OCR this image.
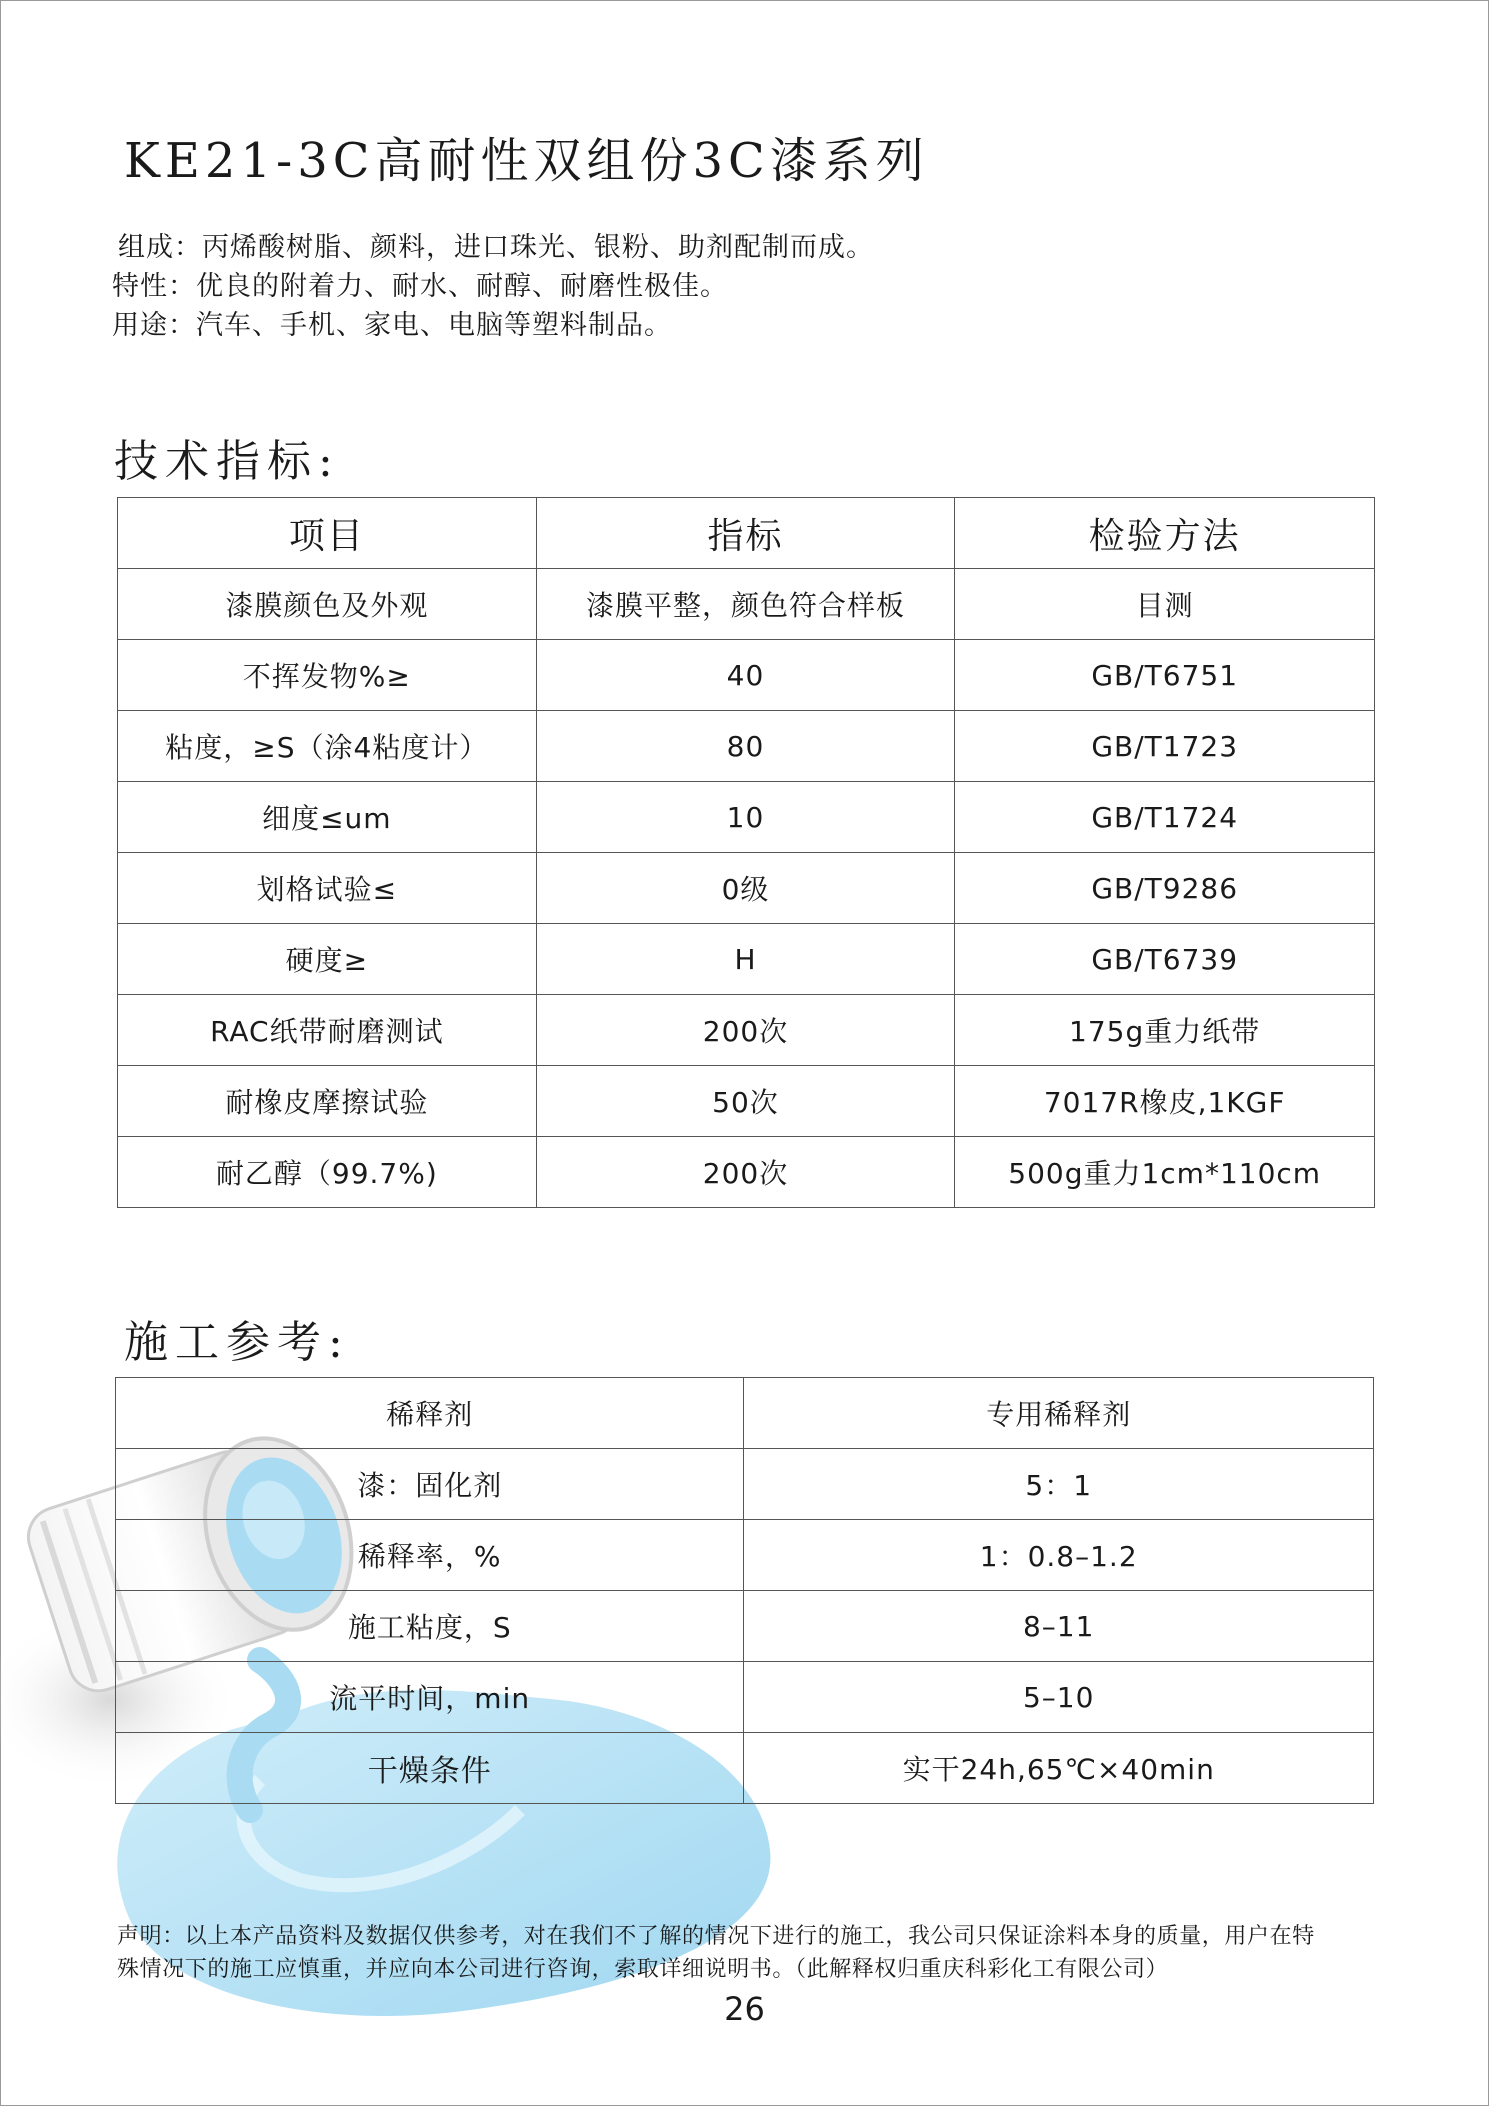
KE21-3C高耐性双组份3C漆系列
组成：丙烯酸树脂、颜料，进口珠光、银粉、助剂配制而成。
特性：优良的附着力、耐水、耐醇、耐磨性极佳。
用途：汽车、手机、家电、电脑等塑料制品。
技术指标:
项目	指标	检验方法
漆膜颜色及外观	漆膜平整，颜色符合样板	目测
不挥发物%≥	40	GB/T6751
粘度，≥S（涂4粘度计）	80	GB/T1723
细度≤um	10	GB/T1724
划格试验≤	0级	GB/T9286
硬度≥	H	GB/T6739
RAC纸带耐磨测试	200次	175g重力纸带
耐橡皮摩擦试验	50次	7017R橡皮,1KGF
耐乙醇（99.7%)	200次	500g重力1cm*110cm
施工参考:
稀释剂	专用稀释剂
漆：固化剂	5：1
稀释率，%	1：0.8–1.2
施工粘度，S	8–11
流平时间，min	5–10
干燥条件	实干24h,65℃×40min
声明：以上本产品资料及数据仅供参考，对在我们不了解的情况下进行的施工，我公司只保证涂料本身的质量，用户在特
殊情况下的施工应慎重，并应向本公司进行咨询，索取详细说明书。（此解释权归重庆科彩化工有限公司）
26
